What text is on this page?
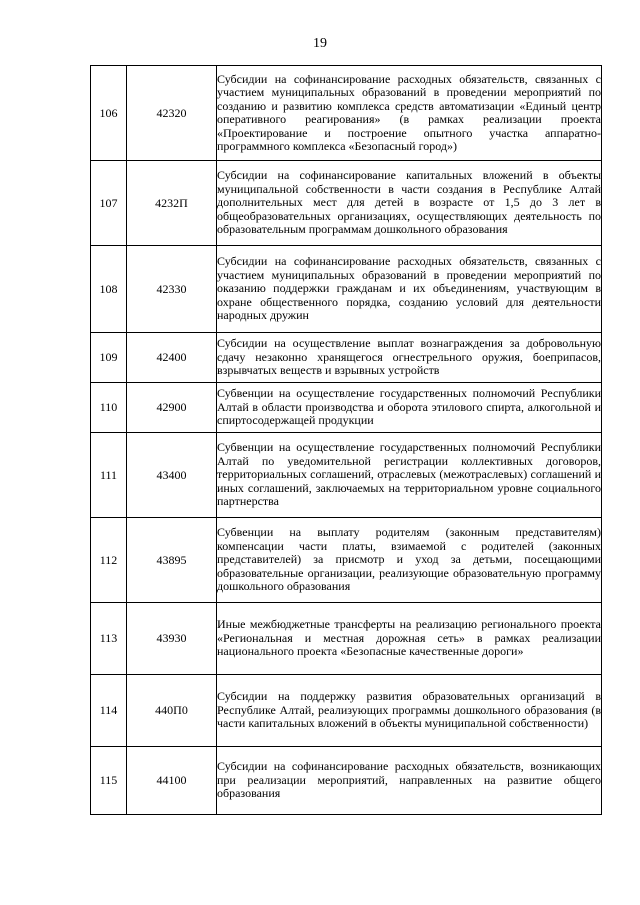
19
106	42320	Субсидии на софинансирование расходных обязательств, связанных с участием муниципальных образований в проведении мероприятий по созданию и развитию комплекса средств автоматизации «Единый центр оперативного реагирования» (в рамках реализации проекта «Проектирование и построение опытного участка аппаратно-программного комплекса «Безопасный город»)
107	4232П	Субсидии на софинансирование капитальных вложений в объекты муниципальной собственности в части создания в Республике Алтай дополнительных мест для детей в возрасте от 1,5 до 3 лет в общеобразовательных организациях, осуществляющих деятельность по образовательным программам дошкольного образования
108	42330	Субсидии на софинансирование расходных обязательств, связанных с участием муниципальных образований в проведении мероприятий по оказанию поддержки гражданам и их объединениям, участвующим в охране общественного порядка, созданию условий для деятельности народных дружин
109	42400	Субсидии на осуществление выплат вознаграждения за добровольную сдачу незаконно хранящегося огнестрельного оружия, боеприпасов, взрывчатых веществ и взрывных устройств
110	42900	Субвенции на осуществление государственных полномочий Республики Алтай в области производства и оборота этилового спирта, алкогольной и спиртосодержащей продукции
111	43400	Субвенции на осуществление государственных полномочий Республики Алтай по уведомительной регистрации коллективных договоров, территориальных соглашений, отраслевых (межотраслевых) соглашений и иных соглашений, заключаемых на территориальном уровне социального партнерства
112	43895	Субвенции на выплату родителям (законным представителям) компенсации части платы, взимаемой с родителей (законных представителей) за присмотр и уход за детьми, посещающими образовательные организации, реализующие образовательную программу дошкольного образования
113	43930	Иные межбюджетные трансферты на реализацию регионального проекта «Региональная и местная дорожная сеть» в рамках реализации национального проекта «Безопасные качественные дороги»
114	440П0	Субсидии на поддержку развития образовательных организаций в Республике Алтай, реализующих программы дошкольного образования (в части капитальных вложений в объекты муниципальной собственности)
115	44100	Субсидии на софинансирование расходных обязательств, возникающих при реализации мероприятий, направленных на развитие общего образования
